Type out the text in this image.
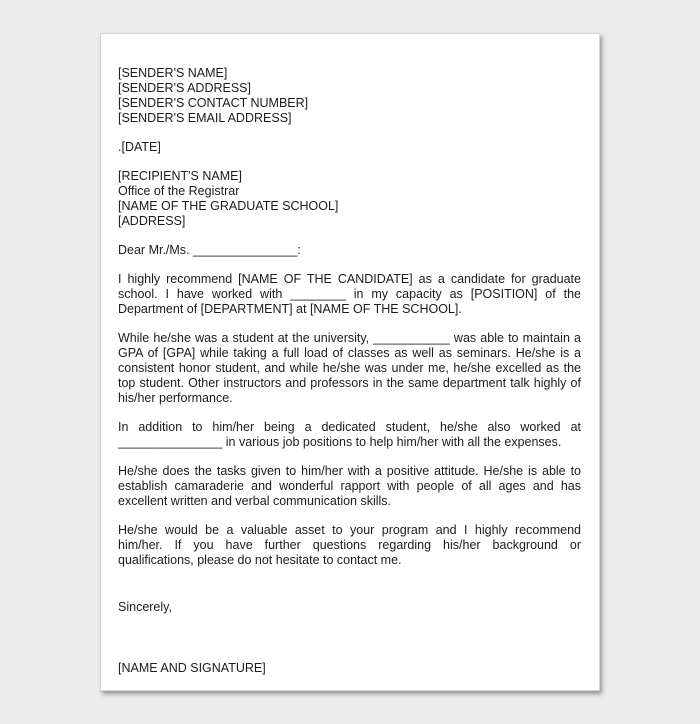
[SENDER'S NAME]
[SENDER'S ADDRESS]
[SENDER'S CONTACT NUMBER]
[SENDER'S EMAIL ADDRESS]
.[DATE]
[RECIPIENT'S NAME]
Office of the Registrar
[NAME OF THE GRADUATE SCHOOL]
[ADDRESS]
Dear Mr./Ms. _______________:

I highly recommend [NAME OF THE CANDIDATE] as a candidate for graduate school. I have worked with ________ in my capacity as [POSITION] of the Department of [DEPARTMENT] at [NAME OF THE SCHOOL].

While he/she was a student at the university, ___________ was able to maintain a GPA of [GPA] while taking a full load of classes as well as seminars. He/she is a consistent honor student, and while he/she was under me, he/she excelled as the top student. Other instructors and professors in the same department talk highly of his/her performance.

In addition to him/her being a dedicated student, he/she also worked at _______________ in various job positions to help him/her with all the expenses.

He/she does the tasks given to him/her with a positive attitude. He/she is able to establish camaraderie and wonderful rapport with people of all ages and has excellent written and verbal communication skills.

He/she would be a valuable asset to your program and I highly recommend him/her. If you have further questions regarding his/her background or qualifications, please do not hesitate to contact me.

Sincerely,
[NAME AND SIGNATURE]
